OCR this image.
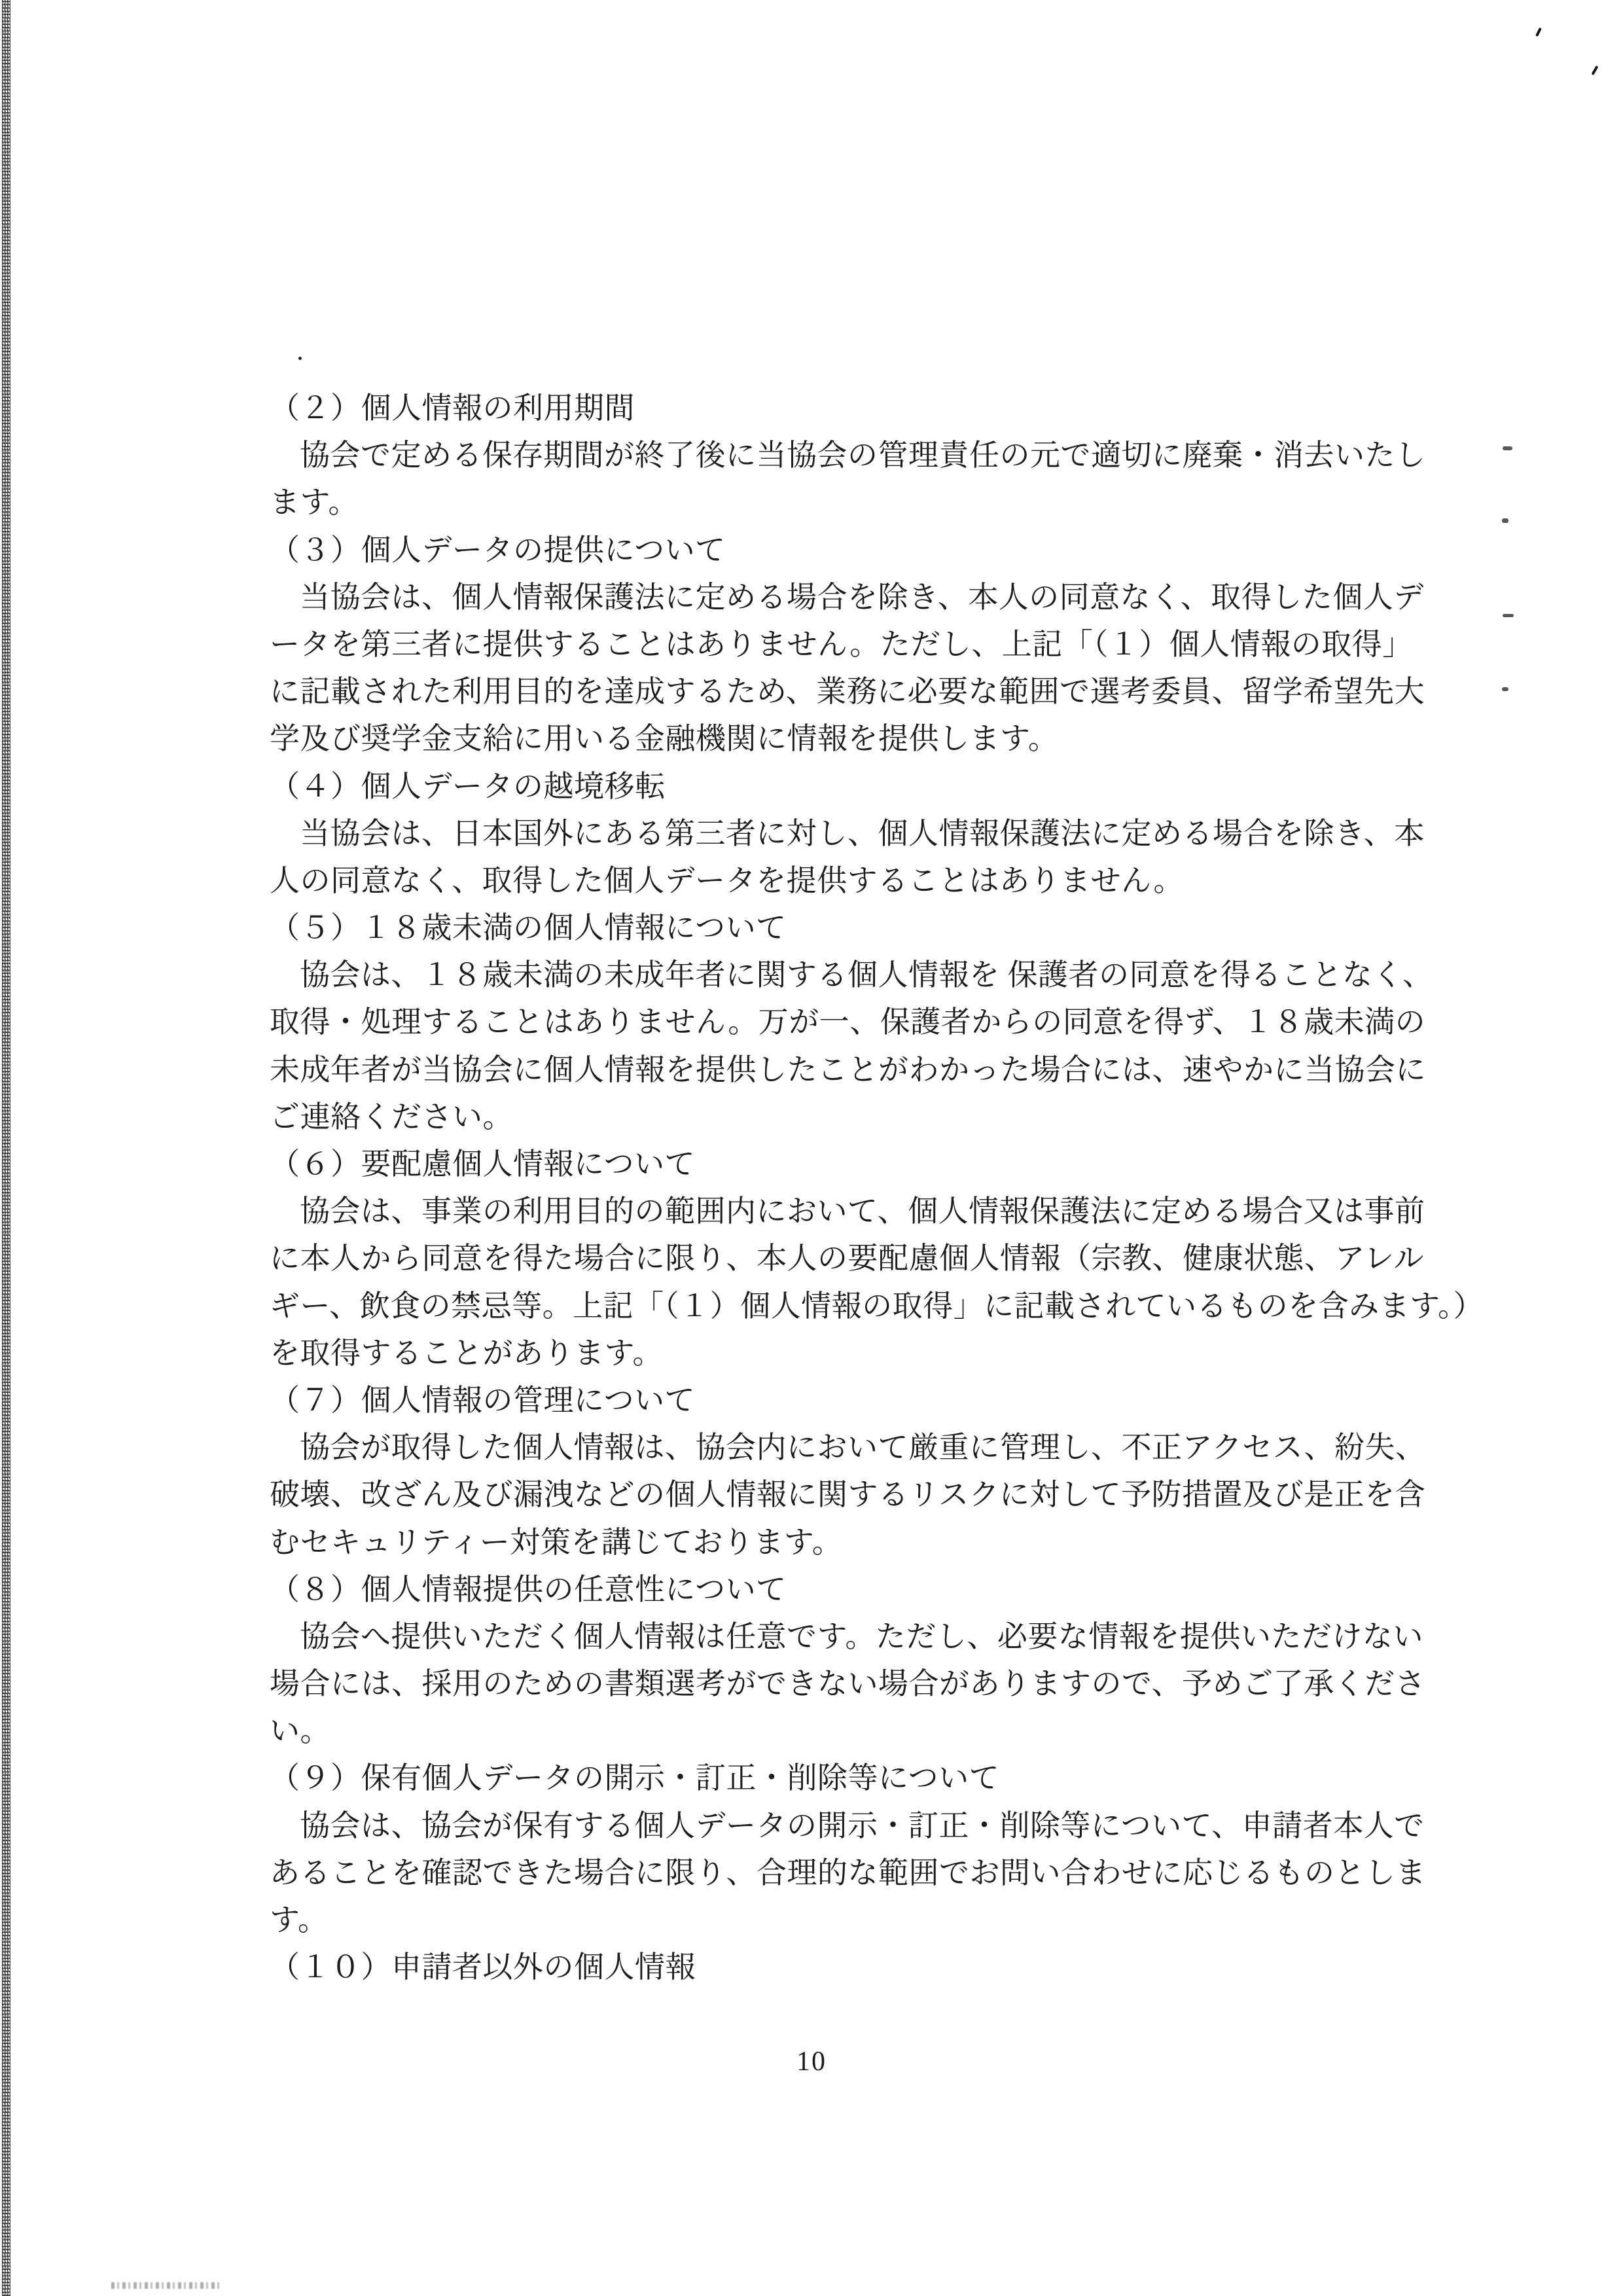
（２）個人情報の利用期間
協会で定める保存期間が終了後に当協会の管理責任の元で適切に廃棄・消去いたし
ます。
（３）個人データの提供について
当協会は、個人情報保護法に定める場合を除き、本人の同意なく、取得した個人デ
ータを第三者に提供することはありません。ただし、上記「（１）個人情報の取得」
に記載された利用目的を達成するため、業務に必要な範囲で選考委員、留学希望先大
学及び奨学金支給に用いる金融機関に情報を提供します。
（４）個人データの越境移転
当協会は、日本国外にある第三者に対し、個人情報保護法に定める場合を除き、本
人の同意なく、取得した個人データを提供することはありません。
（５）１８歳未満の個人情報について
協会は、１８歳未満の未成年者に関する個人情報を 保護者の同意を得ることなく、
取得・処理することはありません。万が一、保護者からの同意を得ず、１８歳未満の
未成年者が当協会に個人情報を提供したことがわかった場合には、速やかに当協会に
ご連絡ください。
（６）要配慮個人情報について
協会は、事業の利用目的の範囲内において、個人情報保護法に定める場合又は事前
に本人から同意を得た場合に限り、本人の要配慮個人情報（宗教、健康状態、アレル
ギー、飲食の禁忌等。上記「（１）個人情報の取得」に記載されているものを含みます。）
を取得することがあります。
（７）個人情報の管理について
協会が取得した個人情報は、協会内において厳重に管理し、不正アクセス、紛失、
破壊、改ざん及び漏洩などの個人情報に関するリスクに対して予防措置及び是正を含
むセキュリティー対策を講じております。
（８）個人情報提供の任意性について
協会へ提供いただく個人情報は任意です。ただし、必要な情報を提供いただけない
場合には、採用のための書類選考ができない場合がありますので、予めご了承くださ
い。
（９）保有個人データの開示・訂正・削除等について
協会は、協会が保有する個人データの開示・訂正・削除等について、申請者本人で
あることを確認できた場合に限り、合理的な範囲でお問い合わせに応じるものとしま
す。
（１０）申請者以外の個人情報
10
